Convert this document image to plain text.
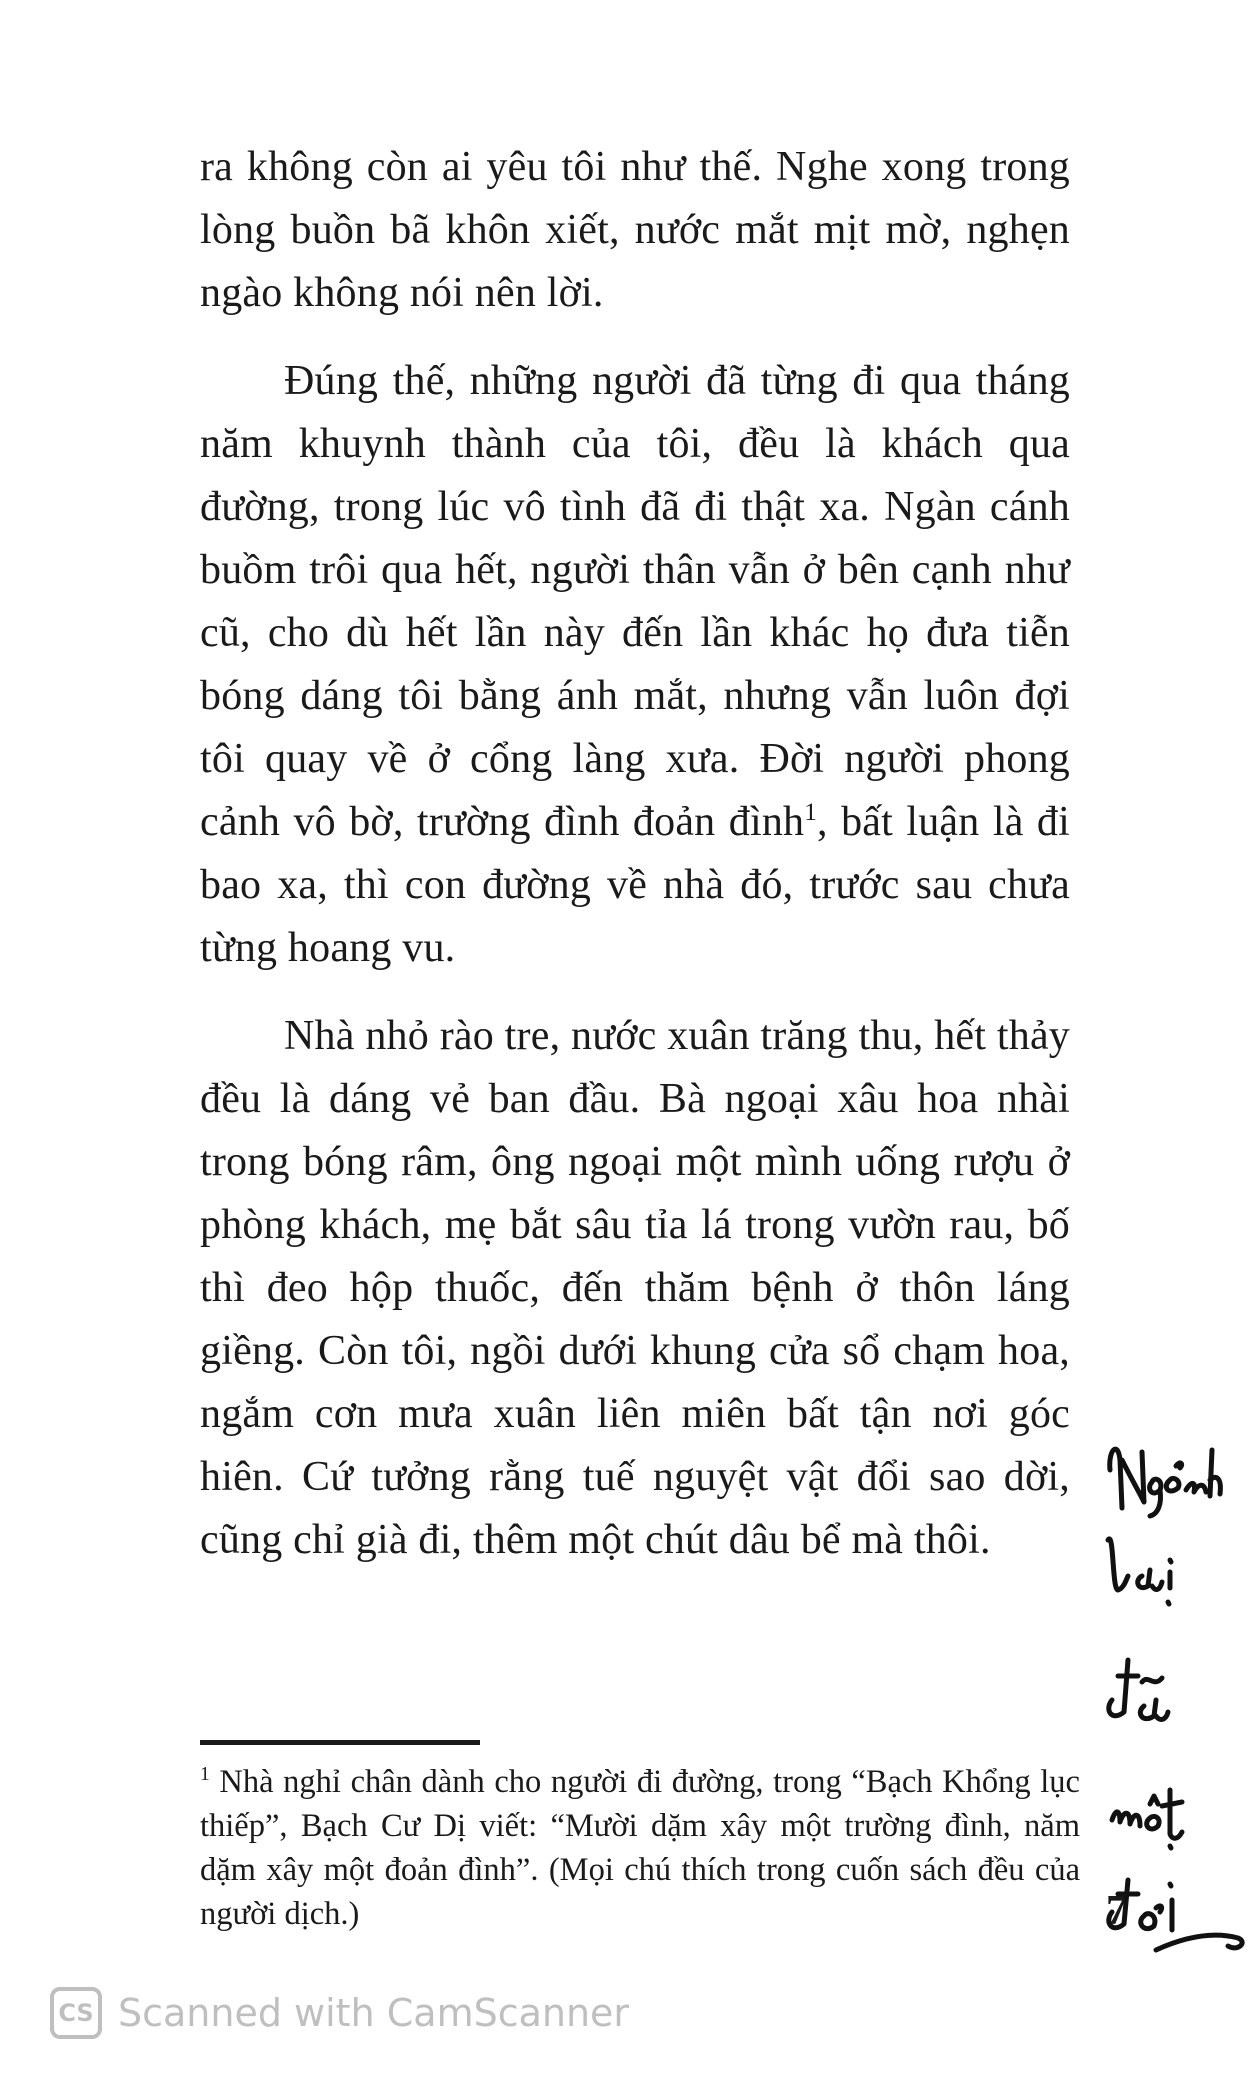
ra không còn ai yêu tôi như thế. Nghe xong trong lòng buồn bã khôn xiết, nước mắt mịt mờ, nghẹn ngào không nói nên lời.

Đúng thế, những người đã từng đi qua tháng năm khuynh thành của tôi, đều là khách qua đường, trong lúc vô tình đã đi thật xa. Ngàn cánh buồm trôi qua hết, người thân vẫn ở bên cạnh như cũ, cho dù hết lần này đến lần khác họ đưa tiễn bóng dáng tôi bằng ánh mắt, nhưng vẫn luôn đợi tôi quay về ở cổng làng xưa. Đời người phong cảnh vô bờ, trường đình đoản đình$^1$, bất luận là đi bao xa, thì con đường về nhà đó, trước sau chưa từng hoang vu.

Nhà nhỏ rào tre, nước xuân trăng thu, hết thảy đều là dáng vẻ ban đầu. Bà ngoại xâu hoa nhài trong bóng râm, ông ngoại một mình uống rượu ở phòng khách, mẹ bắt sâu tỉa lá trong vườn rau, bố thì đeo hộp thuốc, đến thăm bệnh ở thôn láng giềng. Còn tôi, ngồi dưới khung cửa sổ chạm hoa, ngắm cơn mưa xuân liên miên bất tận nơi góc hiên. Cứ tưởng rằng tuế nguyệt vật đổi sao dời, cũng chỉ già đi, thêm một chút dâu bể mà thôi.

$^1$ Nhà nghỉ chân dành cho người đi đường, trong “Bạch Khổng lục thiếp”, Bạch Cư Dị viết: “Mười dặm xây một trường đình, năm dặm xây một đoản đình”. (Mọi chú thích trong cuốn sách đều của người dịch.)	7
CS Scanned with CamScanner
